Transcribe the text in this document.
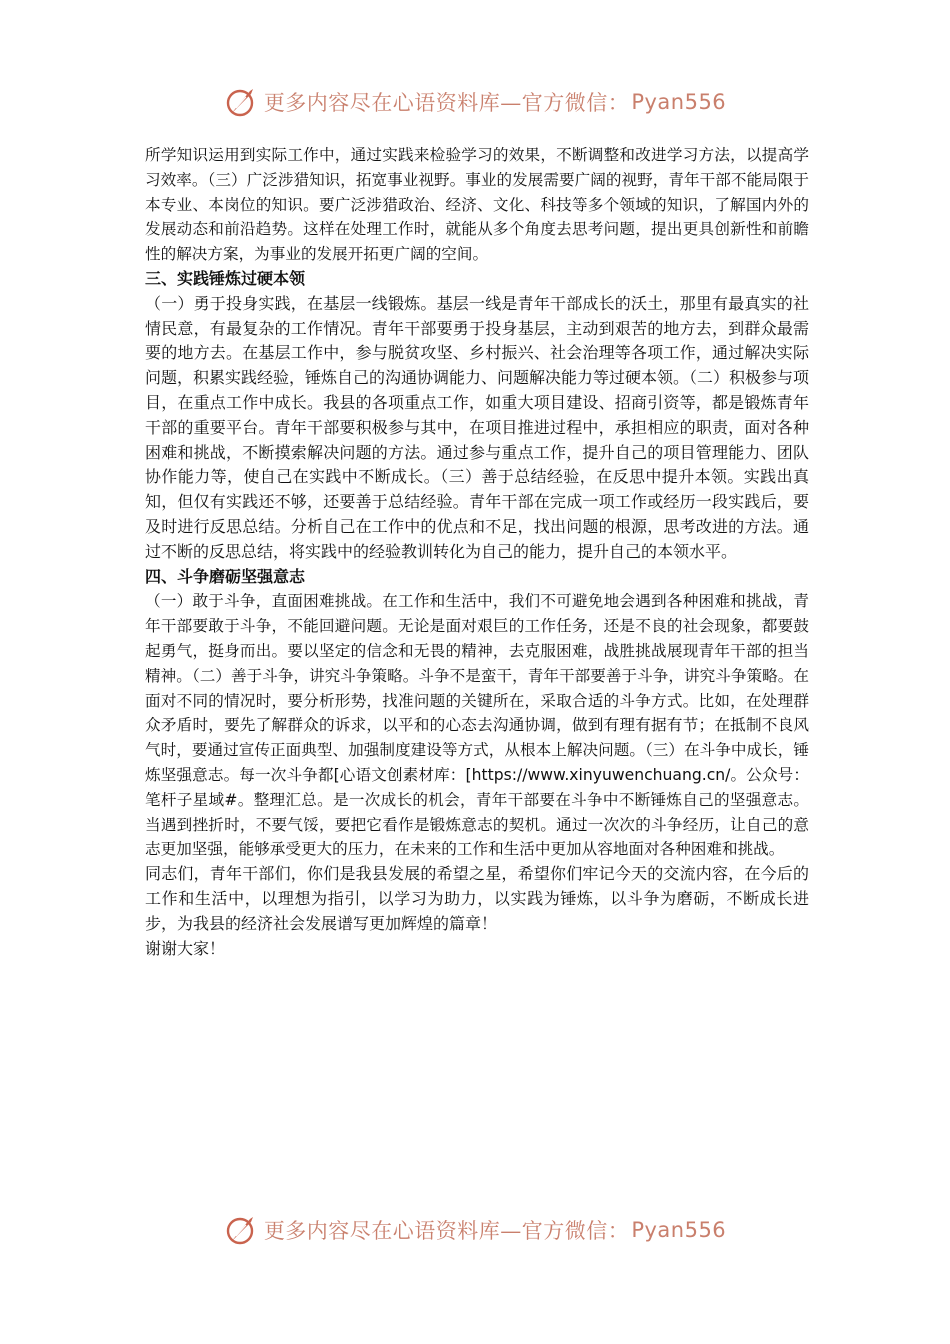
更多内容尽在心语资料库—官方微信： Pyan556

所学知识运用到实际工作中，通过实践来检验学习的效果，不断调整和改进学习方法，以提高学习效率。（三）广泛涉猎知识，拓宽事业视野。事业的发展需要广阔的视野，青年干部不能局限于本专业、本岗位的知识。要广泛涉猎政治、经济、文化、科技等多个领域的知识，了解国内外的发展动态和前沿趋势。这样在处理工作时，就能从多个角度去思考问题，提出更具创新性和前瞻性的解决方案，为事业的发展开拓更广阔的空间。

三、实践锤炼过硬本领

（一）勇于投身实践，在基层一线锻炼。基层一线是青年干部成长的沃土，那里有最真实的社情民意，有最复杂的工作情况。青年干部要勇于投身基层，主动到艰苦的地方去，到群众最需要的地方去。在基层工作中，参与脱贫攻坚、乡村振兴、社会治理等各项工作，通过解决实际问题，积累实践经验，锤炼自己的沟通协调能力、问题解决能力等过硬本领。（二）积极参与项目，在重点工作中成长。我县的各项重点工作，如重大项目建设、招商引资等，都是锻炼青年干部的重要平台。青年干部要积极参与其中，在项目推进过程中，承担相应的职责，面对各种困难和挑战，不断摸索解决问题的方法。通过参与重点工作，提升自己的项目管理能力、团队协作能力等，使自己在实践中不断成长。（三）善于总结经验，在反思中提升本领。实践出真知，但仅有实践还不够，还要善于总结经验。青年干部在完成一项工作或经历一段实践后，要及时进行反思总结。分析自己在工作中的优点和不足，找出问题的根源，思考改进的方法。通过不断的反思总结，将实践中的经验教训转化为自己的能力，提升自己的本领水平。

四、斗争磨砺坚强意志

（一）敢于斗争，直面困难挑战。在工作和生活中，我们不可避免地会遇到各种困难和挑战，青年干部要敢于斗争，不能回避问题。无论是面对艰巨的工作任务，还是不良的社会现象，都要鼓起勇气，挺身而出。要以坚定的信念和无畏的精神，去克服困难，战胜挑战展现青年干部的担当精神。（二）善于斗争，讲究斗争策略。斗争不是蛮干，青年干部要善于斗争，讲究斗争策略。在面对不同的情况时，要分析形势，找准问题的关键所在，采取合适的斗争方式。比如，在处理群众矛盾时，要先了解群众的诉求，以平和的心态去沟通协调，做到有理有据有节；在抵制不良风气时，要通过宣传正面典型、加强制度建设等方式，从根本上解决问题。（三）在斗争中成长，锤炼坚强意志。每一次斗争都[心语文创素材库：[https://www.xinyuwenchuang.cn/。公众号：笔杆子星域#。整理汇总。是一次成长的机会，青年干部要在斗争中不断锤炼自己的坚强意志。当遇到挫折时，不要气馁，要把它看作是锻炼意志的契机。通过一次次的斗争经历，让自己的意志更加坚强，能够承受更大的压力，在未来的工作和生活中更加从容地面对各种困难和挑战。

同志们，青年干部们，你们是我县发展的希望之星，希望你们牢记今天的交流内容，在今后的工作和生活中，以理想为指引，以学习为助力，以实践为锤炼，以斗争为磨砺，不断成长进步，为我县的经济社会发展谱写更加辉煌的篇章！

谢谢大家！

更多内容尽在心语资料库—官方微信： Pyan556
